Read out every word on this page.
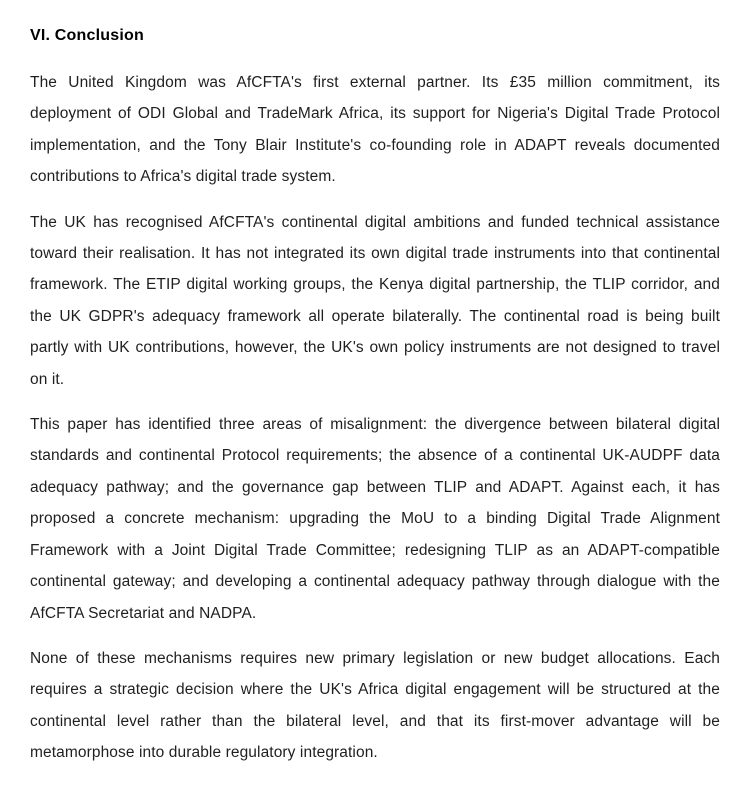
VI. Conclusion

The United Kingdom was AfCFTA's first external partner. Its £35 million commitment, its deployment of ODI Global and TradeMark Africa, its support for Nigeria's Digital Trade Protocol implementation, and the Tony Blair Institute's co-founding role in ADAPT reveals documented contributions to Africa's digital trade system.

The UK has recognised AfCFTA's continental digital ambitions and funded technical assistance toward their realisation. It has not integrated its own digital trade instruments into that continental framework. The ETIP digital working groups, the Kenya digital partnership, the TLIP corridor, and the UK GDPR's adequacy framework all operate bilaterally. The continental road is being built partly with UK contributions, however, the UK's own policy instruments are not designed to travel on it.

This paper has identified three areas of misalignment: the divergence between bilateral digital standards and continental Protocol requirements; the absence of a continental UK-AUDPF data adequacy pathway; and the governance gap between TLIP and ADAPT. Against each, it has proposed a concrete mechanism: upgrading the MoU to a binding Digital Trade Alignment Framework with a Joint Digital Trade Committee; redesigning TLIP as an ADAPT-compatible continental gateway; and developing a continental adequacy pathway through dialogue with the AfCFTA Secretariat and NADPA.

None of these mechanisms requires new primary legislation or new budget allocations. Each requires a strategic decision where the UK's Africa digital engagement will be structured at the continental level rather than the bilateral level, and that its first-mover advantage will be metamorphose into durable regulatory integration.
